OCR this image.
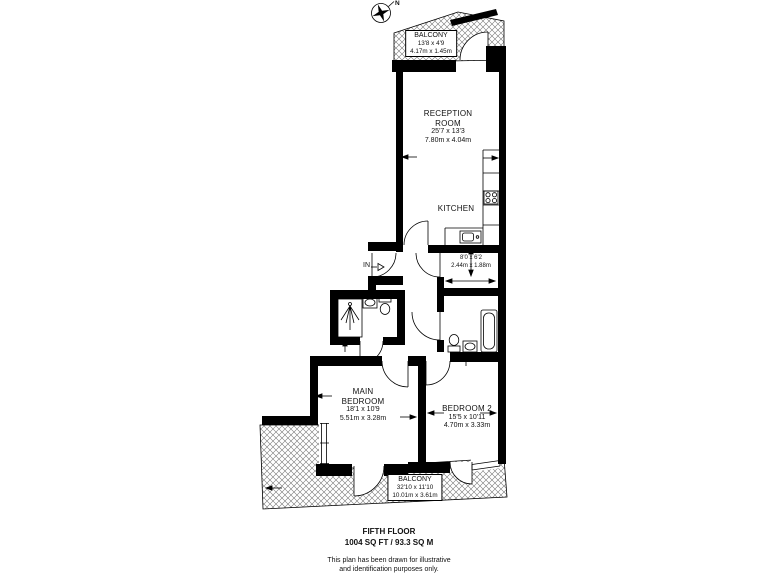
N
BALCONY
13'8 x 4'9
4.17m x 1.45m
RECEPTION
ROOM
25'7 x 13'3
7.80m x 4.04m
KITCHEN
IN
8'0 x 6'2
2.44m x 1.88m
MAIN
BEDROOM
18'1 x 10'9
5.51m x 3.28m
BEDROOM 2
15'5 x 10'11
4.70m x 3.33m
BALCONY
32'10 x 11'10
10.01m x 3.61m
FIFTH FLOOR
1004 SQ FT / 93.3 SQ M
This plan has been drawn for illustrative
and identification purposes only.
